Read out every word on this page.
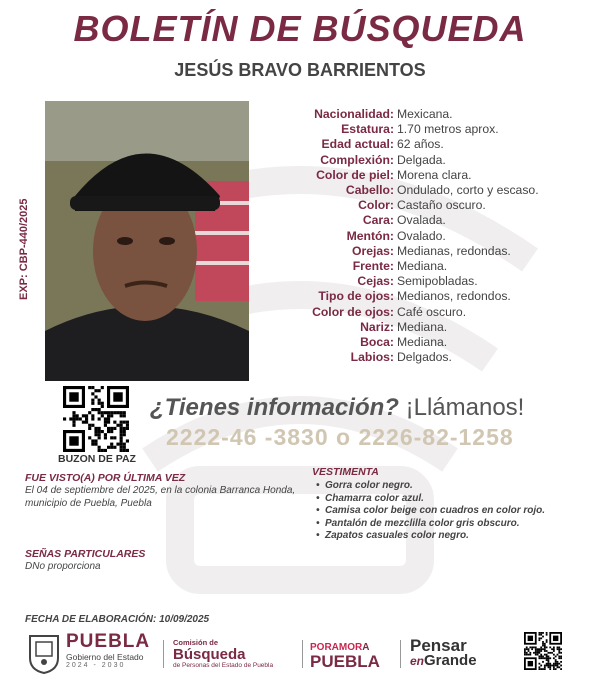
BOLETÍN DE BÚSQUEDA
JESÚS BRAVO BARRIENTOS
EXP: CBP-440/2025
Nacionalidad: Mexicana.
Estatura: 1.70 metros aprox.
Edad actual: 62 años.
Complexión: Delgada.
Color de piel: Morena clara.
Cabello: Ondulado, corto y escaso.
Color: Castaño oscuro.
Cara: Ovalada.
Mentón: Ovalado.
Orejas: Medianas, redondas.
Frente: Mediana.
Cejas: Semipobladas.
Tipo de ojos: Medianos, redondos.
Color de ojos: Café oscuro.
Nariz: Mediana.
Boca: Mediana.
Labios: Delgados.
BUZON DE PAZ
¿Tienes información? ¡Llámanos!
2222-46 -3830 o 2226-82-1258
FUE VISTO(A) POR ÚLTIMA VEZ
El 04 de septiembre del 2025, en la colonia Barranca Honda, municipio de Puebla, Puebla
VESTIMENTA
• Gorra color negro.
• Chamarra color azul.
• Camisa color beige con cuadros en color rojo.
• Pantalón de mezclilla color gris obscuro.
• Zapatos casuales color negro.
SEÑAS PARTICULARES
DNo proporciona
FECHA DE ELABORACIÓN: 10/09/2025
PUEBLA
Gobierno del Estado
2024 - 2030
Comisión de
Búsqueda
de Personas del Estado de Puebla
PORAMORA
PUEBLA
Pensar
enGrande
